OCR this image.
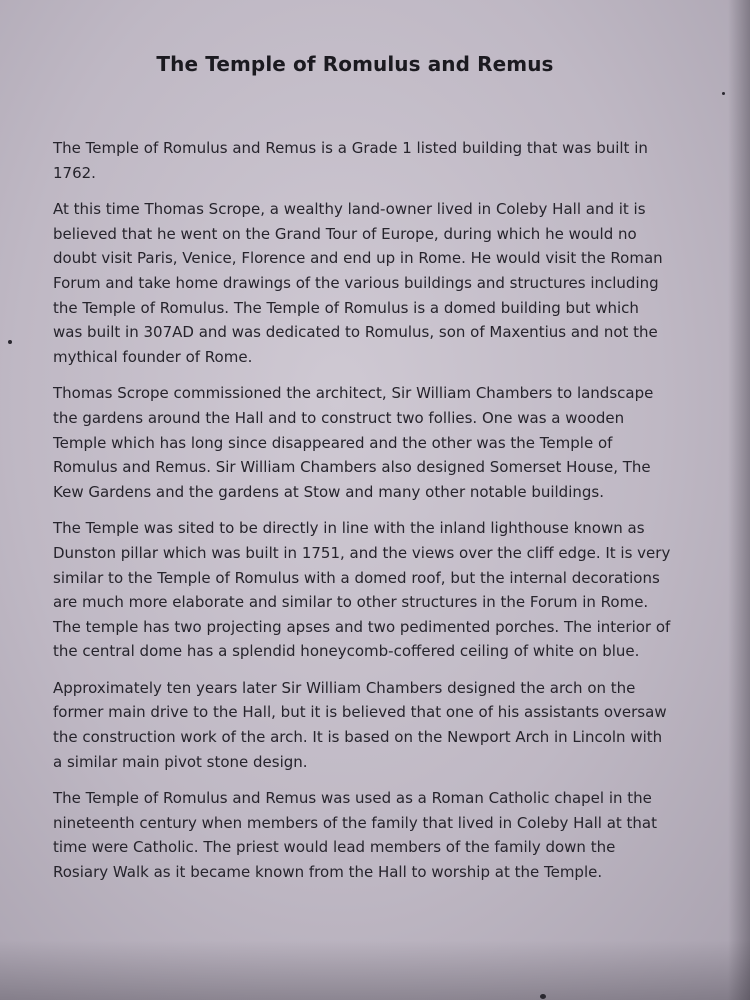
The Temple of Romulus and Remus

The Temple of Romulus and Remus is a Grade 1 listed building that was built in 1762.

At this time Thomas Scrope, a wealthy land-owner lived in Coleby Hall and it is believed that he went on the Grand Tour of Europe, during which he would no doubt visit Paris, Venice, Florence and end up in Rome. He would visit the Roman Forum and take home drawings of the various buildings and structures including the Temple of Romulus. The Temple of Romulus is a domed building but which was built in 307AD and was dedicated to Romulus, son of Maxentius and not the mythical founder of Rome.

Thomas Scrope commissioned the architect, Sir William Chambers to landscape the gardens around the Hall and to construct two follies. One was a wooden Temple which has long since disappeared and the other was the Temple of Romulus and Remus. Sir William Chambers also designed Somerset House, The Kew Gardens and the gardens at Stow and many other notable buildings.

The Temple was sited to be directly in line with the inland lighthouse known as Dunston pillar which was built in 1751, and the views over the cliff edge. It is very similar to the Temple of Romulus with a domed roof, but the internal decorations are much more elaborate and similar to other structures in the Forum in Rome. The temple has two projecting apses and two pedimented porches. The interior of the central dome has a splendid honeycomb-coffered ceiling of white on blue.

Approximately ten years later Sir William Chambers designed the arch on the former main drive to the Hall, but it is believed that one of his assistants oversaw the construction work of the arch. It is based on the Newport Arch in Lincoln with a similar main pivot stone design.

The Temple of Romulus and Remus was used as a Roman Catholic chapel in the nineteenth century when members of the family that lived in Coleby Hall at that time were Catholic. The priest would lead members of the family down the Rosiary Walk as it became known from the Hall to worship at the Temple.
